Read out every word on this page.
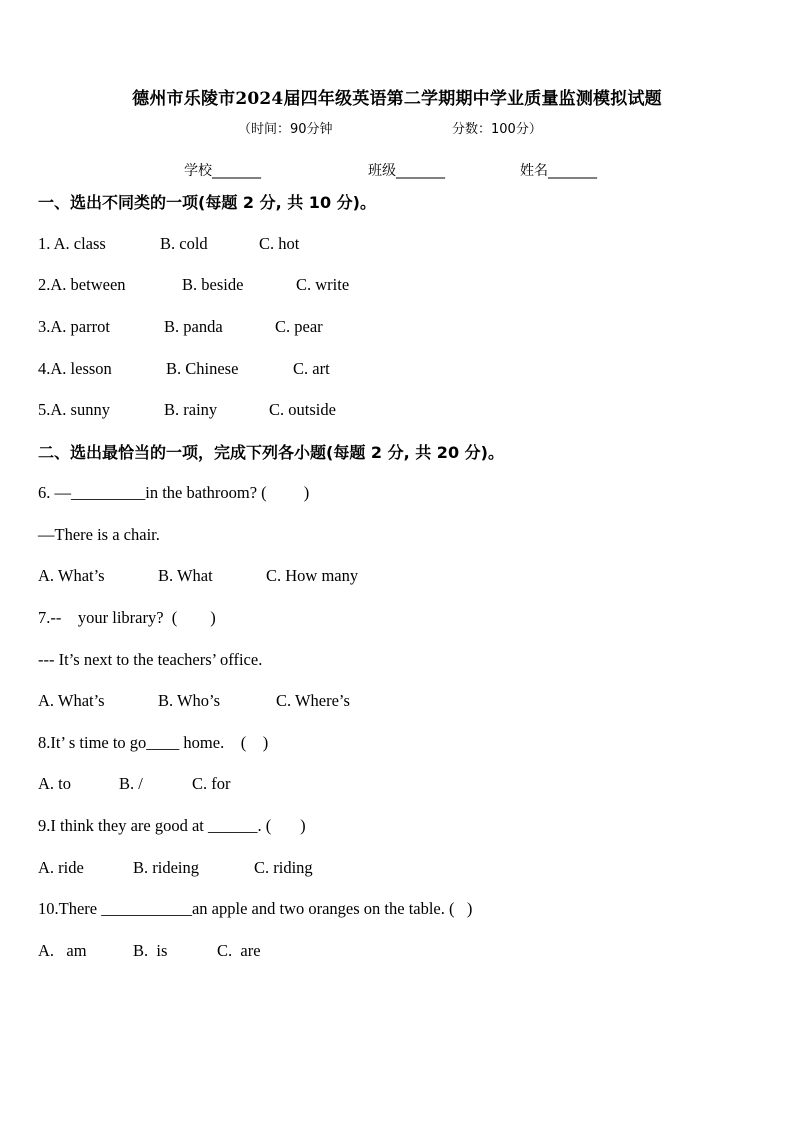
德州市乐陵市2024届四年级英语第二学期期中学业质量监测模拟试题
（时间：90分钟	分数：100分）
学校_______	班级_______	姓名_______
一、选出不同类的一项(每题 2 分, 共 10 分)。
1. A. class	B. cold	C. hot
2.A. between	B. beside	C. write
3.A. parrot	B. panda	C. pear
4.A. lesson	B. Chinese	C. art
5.A. sunny	B. rainy	C. outside
二、选出最恰当的一项，完成下列各小题(每题 2 分, 共 20 分)。
6. —_________in the bathroom? (         )
—There is a chair.
A. What’s	B. What	C. How many
7.--    your library?  (        )
--- It’s next to the teachers’ office.
A. What’s	B. Who’s	C. Where’s
8.It’ s time to go____ home.    (    )
A. to	B. /	C. for
9.I think they are good at ______. (       )
A. ride	B. rideing	C. riding
10.There ___________an apple and two oranges on the table. (   )
A.   am	B.  is	C.  are
